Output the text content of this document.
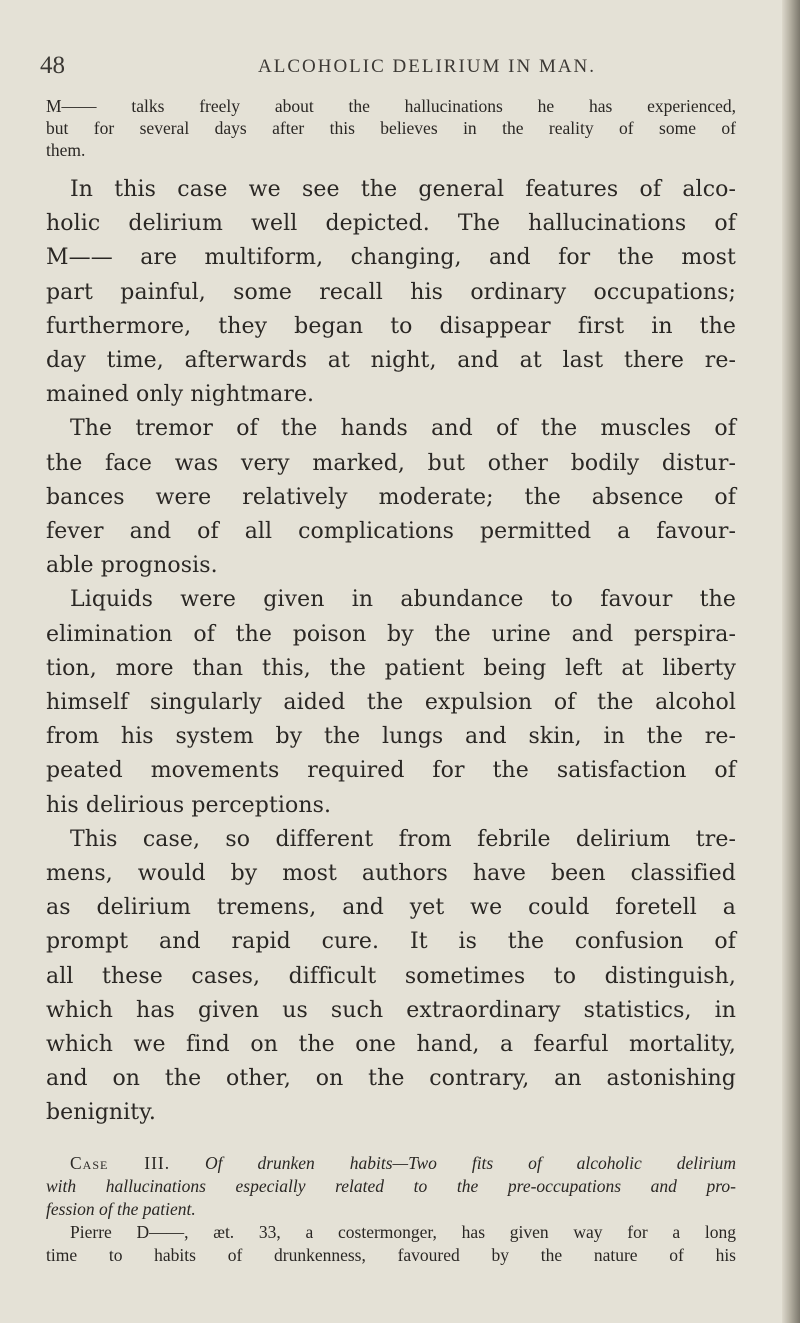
48	ALCOHOLIC DELIRIUM IN MAN.
M—— talks freely about the hallucinations he has experienced,
but for several days after this believes in the reality of some of
them.

In this case we see the general features of alco-
holic delirium well depicted. The hallucinations of
M—— are multiform, changing, and for the most
part painful, some recall his ordinary occupations;
furthermore, they began to disappear first in the
day time, afterwards at night, and at last there re-
mained only nightmare.

The tremor of the hands and of the muscles of
the face was very marked, but other bodily distur-
bances were relatively moderate; the absence of
fever and of all complications permitted a favour-
able prognosis.

Liquids were given in abundance to favour the
elimination of the poison by the urine and perspira-
tion, more than this, the patient being left at liberty
himself singularly aided the expulsion of the alcohol
from his system by the lungs and skin, in the re-
peated movements required for the satisfaction of
his delirious perceptions.

This case, so different from febrile delirium tre-
mens, would by most authors have been classified
as delirium tremens, and yet we could foretell a
prompt and rapid cure. It is the confusion of
all these cases, difficult sometimes to distinguish,
which has given us such extraordinary statistics, in
which we find on the one hand, a fearful mortality,
and on the other, on the contrary, an astonishing
benignity.

Case III. Of drunken habits—Two fits of alcoholic delirium
with hallucinations especially related to the pre-occupations and pro-
fession of the patient.
Pierre D——, æt. 33, a costermonger, has given way for a long
time to habits of drunkenness, favoured by the nature of his
